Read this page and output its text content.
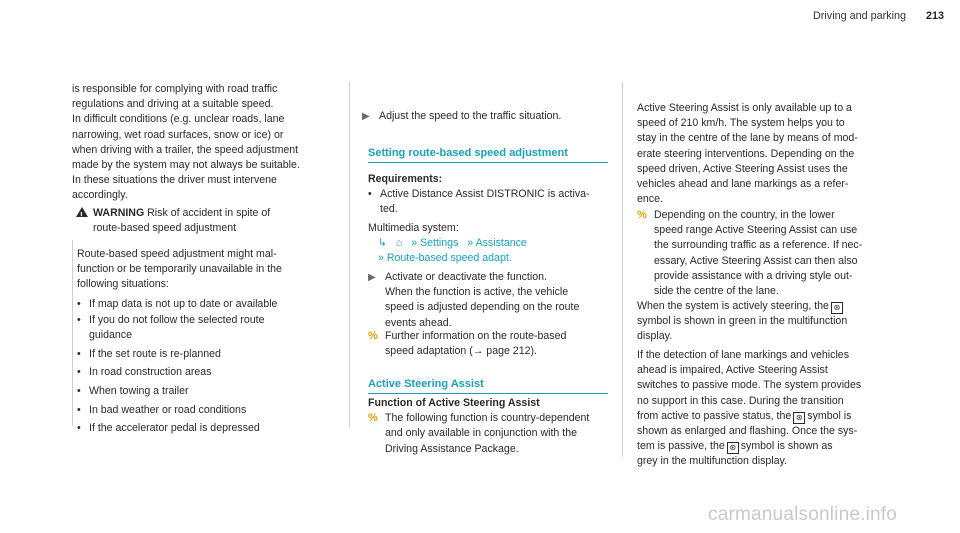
Driving and parking 213
is responsible for complying with road traffic
regulations and driving at a suitable speed.
In difficult conditions (e.g. unclear roads, lane
narrowing, wet road surfaces, snow or ice) or
when driving with a trailer, the speed adjustment
made by the system may not always be suitable.
In these situations the driver must intervene
accordingly.
!WARNING Risk of accident in spite of
route-based speed adjustment
Route-based speed adjustment might mal-
function or be temporarily unavailable in the
following situations:
• If map data is not up to date or available
• If you do not follow the selected route
guidance
• If the set route is re-planned
• In road construction areas
• When towing a trailer
• In bad weather or road conditions
• If the accelerator pedal is depressed
▶ Adjust the speed to the traffic situation.
Setting route-based speed adjustment
Requirements:
• Active Distance Assist DISTRONIC is activa-
ted.
Multimedia system:
↳ ⌂ » Settings » Assistance
» Route-based speed adapt.
▶ Activate or deactivate the function.
When the function is active, the vehicle
speed is adjusted depending on the route
events ahead.
% Further information on the route-based
speed adaptation (→ page 212).
Active Steering Assist
Function of Active Steering Assist
% The following function is country-dependent
and only available in conjunction with the
Driving Assistance Package.
Active Steering Assist is only available up to a
speed of 210 km/h. The system helps you to
stay in the centre of the lane by means of mod-
erate steering interventions. Depending on the
speed driven, Active Steering Assist uses the
vehicles ahead and lane markings as a refer-
ence.
% Depending on the country, in the lower
speed range Active Steering Assist can use
the surrounding traffic as a reference. If nec-
essary, Active Steering Assist can then also
provide assistance with a driving style out-
side the centre of the lane.
When the system is actively steering, the ⊛
symbol is shown in green in the multifunction
display.
If the detection of lane markings and vehicles
ahead is impaired, Active Steering Assist
switches to passive mode. The system provides
no support in this case. During the transition
from active to passive status, the ⊛ symbol is
shown as enlarged and flashing. Once the sys-
tem is passive, the ⊛ symbol is shown as
grey in the multifunction display.
carmanualsonline.info
